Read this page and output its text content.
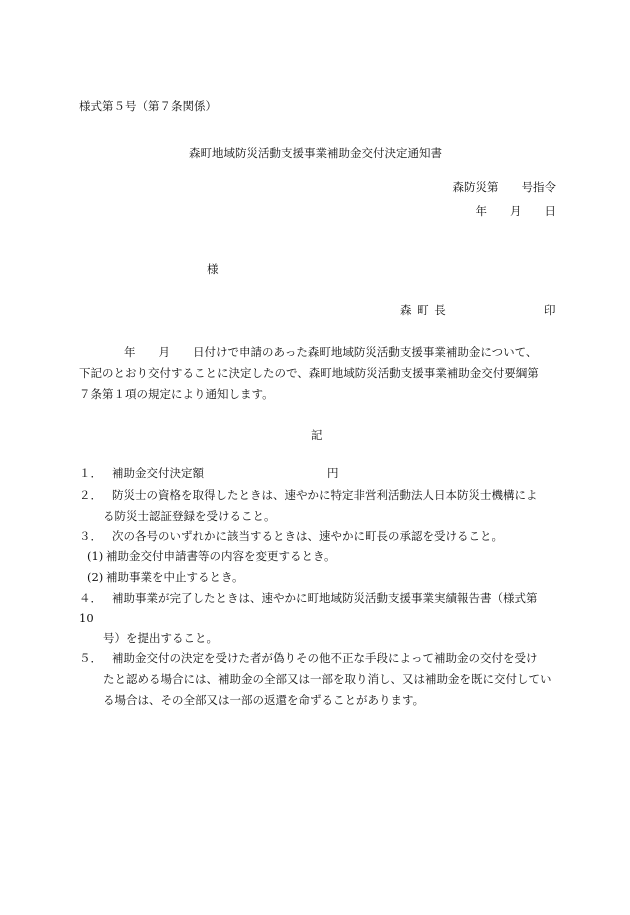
様式第５号（第７条関係）
森町地域防災活動支援事業補助金交付決定通知書
森防災第　　号指令
年　　月　　日
様
森 町 長	印
年　　月　　日付けで申請のあった森町地域防災活動支援事業補助金について、
下記のとおり交付することに決定したので、森町地域防災活動支援事業補助金交付要綱第
７条第１項の規定により通知します。
記
１． 補助金交付決定額	円
２． 防災士の資格を取得したときは、速やかに特定非営利活動法人日本防災士機構によ
る防災士認証登録を受けること。
３． 次の各号のいずれかに該当するときは、速やかに町長の承認を受けること。
(1) 補助金交付申請書等の内容を変更するとき。
(2) 補助事業を中止するとき。
４． 補助事業が完了したときは、速やかに町地域防災活動支援事業実績報告書（様式第
10
号）を提出すること。
５． 補助金交付の決定を受けた者が偽りその他不正な手段によって補助金の交付を受け
たと認める場合には、補助金の全部又は一部を取り消し、又は補助金を既に交付してい
る場合は、その全部又は一部の返還を命ずることがあります。
